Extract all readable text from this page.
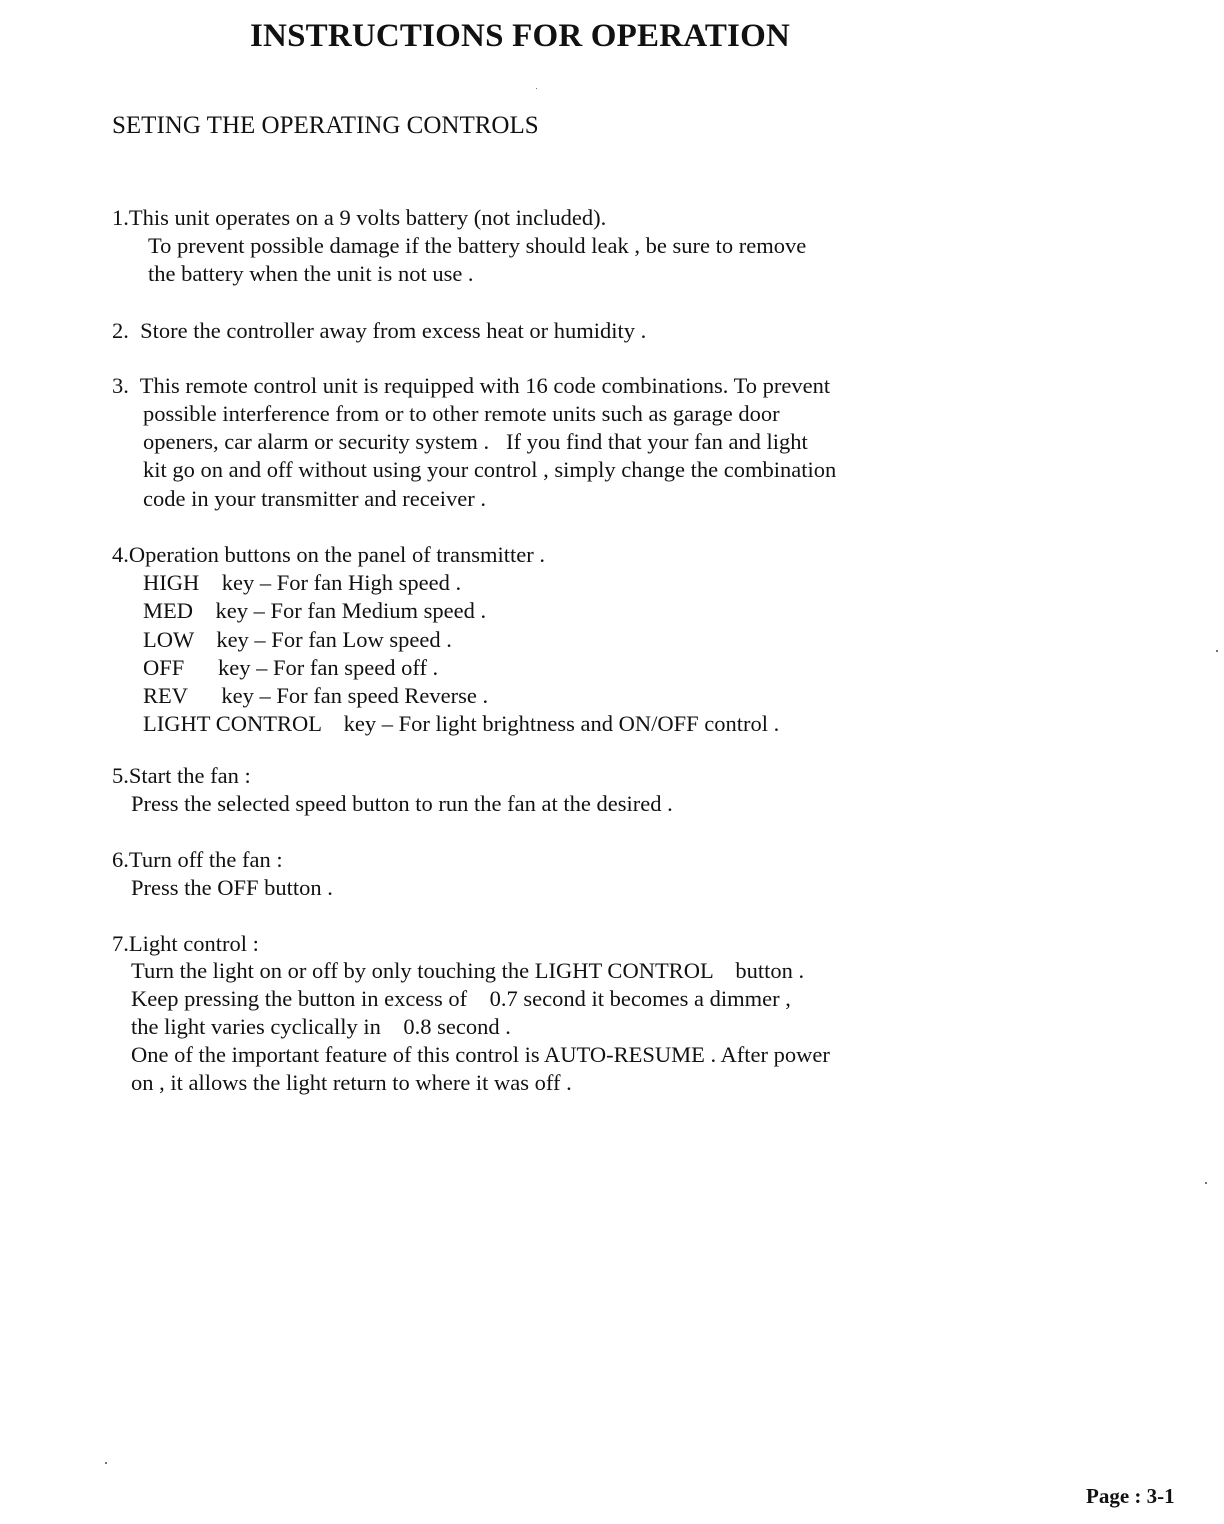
INSTRUCTIONS FOR OPERATION
SETING THE OPERATING CONTROLS
1.This unit operates on a 9 volts battery (not included).
To prevent possible damage if the battery should leak , be sure to remove
the battery when the unit is not use .
2.  Store the controller away from excess heat or humidity .
3.  This remote control unit is requipped with 16 code combinations. To prevent
possible interference from or to other remote units such as garage door
openers, car alarm or security system .   If you find that your fan and light
kit go on and off without using your control , simply change the combination
code in your transmitter and receiver .
4.Operation buttons on the panel of transmitter .
HIGH    key – For fan High speed .
MED    key – For fan Medium speed .
LOW    key – For fan Low speed .
OFF      key – For fan speed off .
REV      key – For fan speed Reverse .
LIGHT CONTROL    key – For light brightness and ON/OFF control .
5.Start the fan :
Press the selected speed button to run the fan at the desired .
6.Turn off the fan :
Press the OFF button .
7.Light control :
Turn the light on or off by only touching the LIGHT CONTROL    button .
Keep pressing the button in excess of    0.7 second it becomes a dimmer ,
the light varies cyclically in    0.8 second .
One of the important feature of this control is AUTO-RESUME . After power
on , it allows the light return to where it was off .
Page : 3-1
